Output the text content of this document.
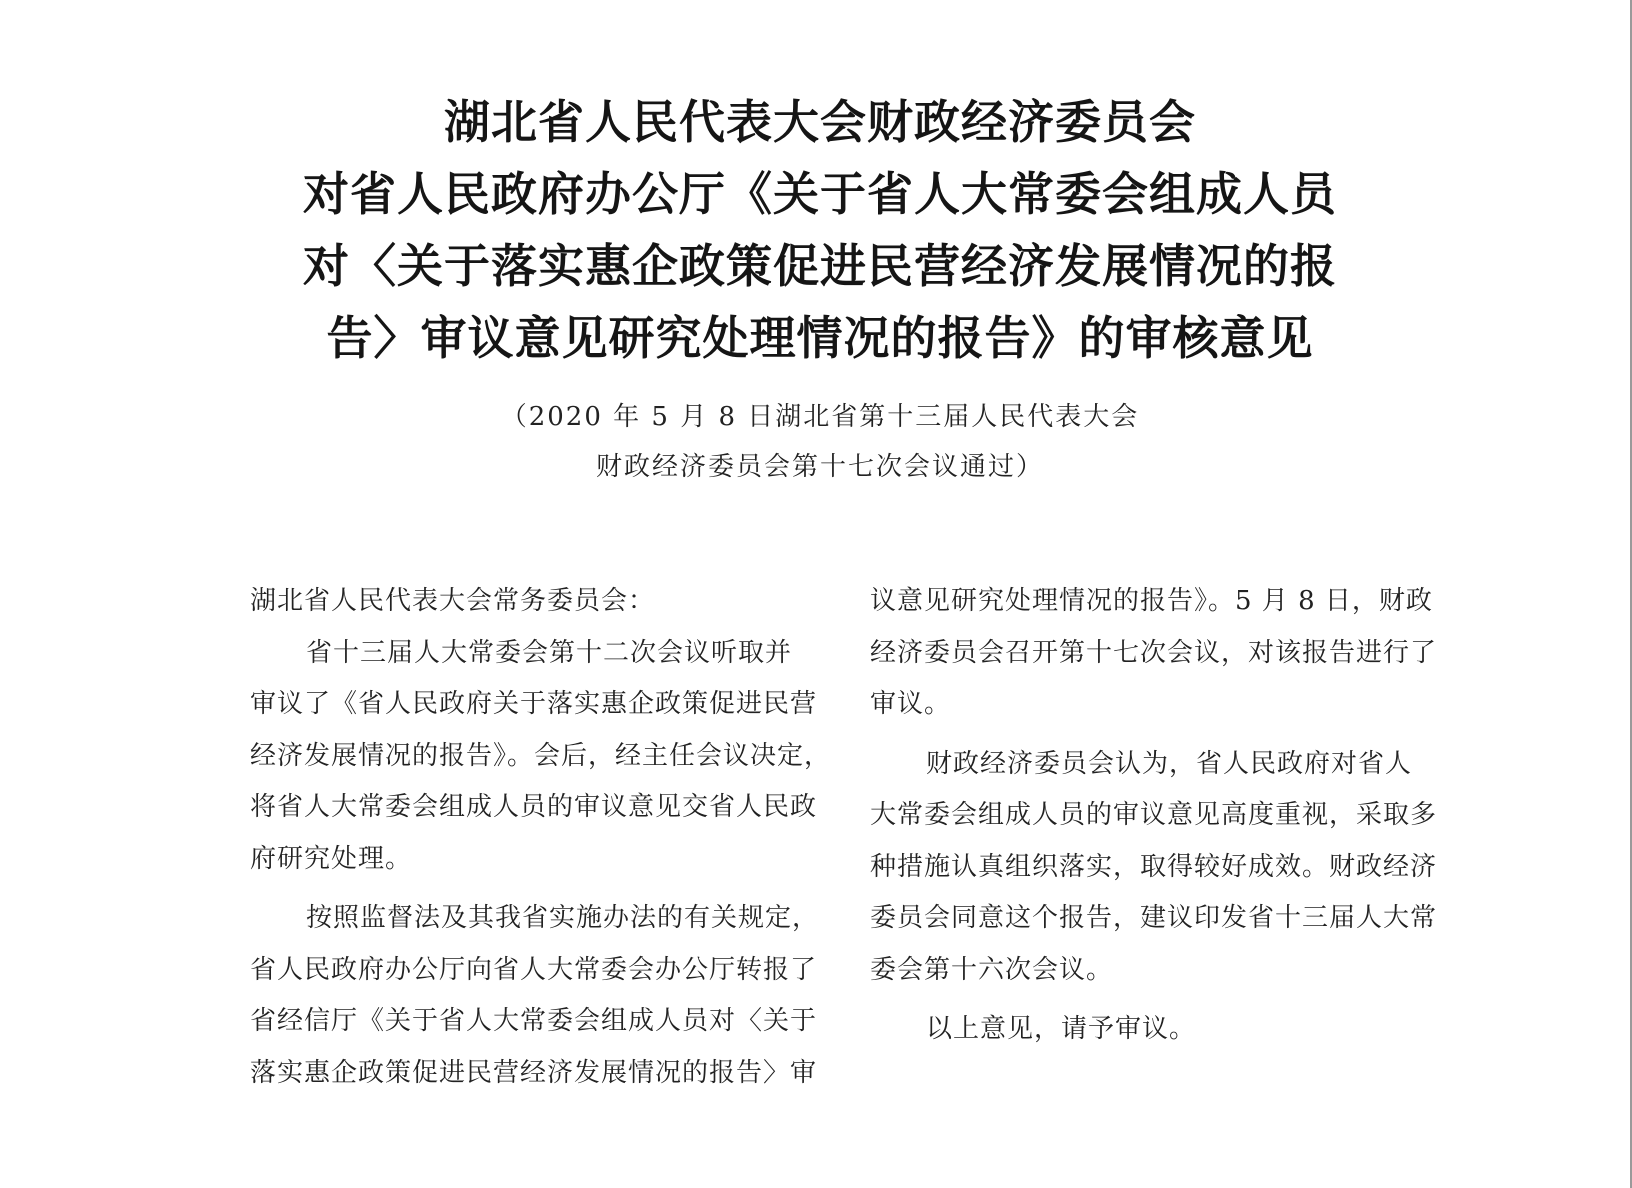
湖北省人民代表大会财政经济委员会
对省人民政府办公厅《关于省人大常委会组成人员
对〈关于落实惠企政策促进民营经济发展情况的报
告〉审议意见研究处理情况的报告》的审核意见
（2020 年 5 月 8 日湖北省第十三届人民代表大会
财政经济委员会第十七次会议通过）
湖北省人民代表大会常务委员会：
省十三届人大常委会第十二次会议听取并
审议了《省人民政府关于落实惠企政策促进民营
经济发展情况的报告》。会后，经主任会议决定，
将省人大常委会组成人员的审议意见交省人民政
府研究处理。
按照监督法及其我省实施办法的有关规定，
省人民政府办公厅向省人大常委会办公厅转报了
省经信厅《关于省人大常委会组成人员对〈关于
落实惠企政策促进民营经济发展情况的报告〉审
议意见研究处理情况的报告》。5 月 8 日，财政
经济委员会召开第十七次会议，对该报告进行了
审议。
财政经济委员会认为，省人民政府对省人
大常委会组成人员的审议意见高度重视，采取多
种措施认真组织落实，取得较好成效。财政经济
委员会同意这个报告，建议印发省十三届人大常
委会第十六次会议。
以上意见，请予审议。
